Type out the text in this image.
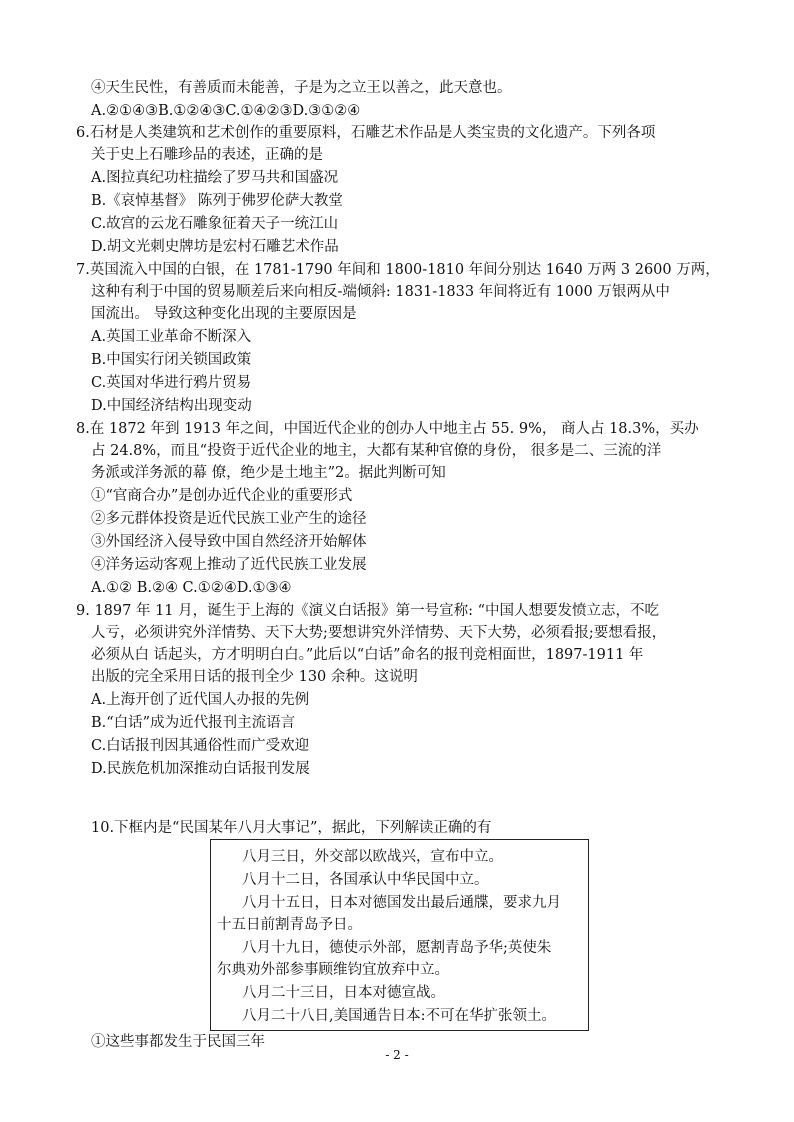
④天生民性，有善质而未能善，子是为之立王以善之，此天意也。
A.②①④③B.①②④③C.①④②③D.③①②④
6.石材是人类建筑和艺术创作的重要原料，石雕艺术作品是人类宝贵的文化遗产。下列各项
关于史上石雕珍品的表述，正确的是
A.图拉真纪功柱描绘了罗马共和国盛况
B.《哀悼基督》 陈列于佛罗伦萨大教堂
C.故宫的云龙石雕象征着天子一统江山
D.胡文光刺史牌坊是宏村石雕艺术作品
7.英国流入中国的白银，在 1781-1790 年间和 1800-1810 年间分别达 1640 万两 3 2600 万两，
这种有利于中国的贸易顺差后来向相反-端倾斜: 1831-1833 年间将近有 1000 万银两从中
国流出。 导致这种变化出现的主要原因是
A.英国工业革命不断深入
B.中国实行闭关锁国政策
C.英国对华进行鸦片贸易
D.中国经济结构出现变动
8.在 1872 年到 1913 年之间，中国近代企业的创办人中地主占 55. 9%， 商人占 18.3%，买办
占 24.8%，而且“投资于近代企业的地主，大都有某种官僚的身份， 很多是二、三流的洋
务派或洋务派的幕 僚，绝少是土地主”2。据此判断可知
①“官商合办”是创办近代企业的重要形式
②多元群体投资是近代民族工业产生的途径
③外国经济入侵导致中国自然经济开始解体
④洋务运动客观上推动了近代民族工业发展
A.①② B.②④ C.①②④D.①③④
9. 1897 年 11 月，诞生于上海的《演义白话报》第一号宣称: “中国人想要发愤立志，不吃
人亏，必须讲究外洋情势、天下大势;要想讲究外洋情势、天下大势，必须看报;要想看报，
必须从白 话起头，方才明明白白。”此后以“白话”命名的报刊竞相面世，1897-1911 年
出版的完全采用日话的报刊全少 130 余种。这说明
A.上海开创了近代国人办报的先例
B.“白话”成为近代报刊主流语言
C.白话报刊因其通俗性而广受欢迎
D.民族危机加深推动白话报刊发展
10.下框内是“民国某年八月大事记”，据此，下列解读正确的有
八月三日，外交部以欧战兴，宣布中立。
八月十二日，各国承认中华民国中立。
八月十五日，日本对德国发出最后通牒，要求九月
十五日前割青岛予日。
八月十九日，德使示外部，愿割青岛予华;英使朱
尔典劝外部参事顾维钧宜放弃中立。
八月二十三日，日本对德宣战。
八月二十八日,美国通告日本:不可在华扩张领土。
①这些事都发生于民国三年
- 2 -
